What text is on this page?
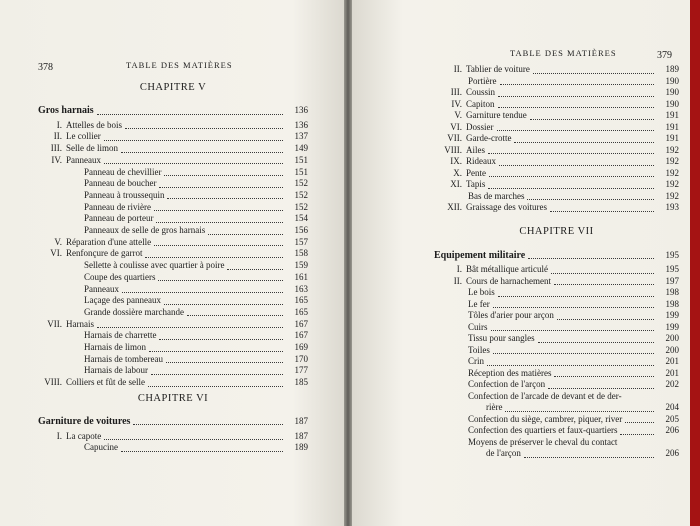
378	TABLE DES MATIÈRES
CHAPITRE V
Gros harnais	136
I. Attelles de bois	136
II. Le collier	137
III. Selle de limon	149
IV. Panneaux	151
Panneau de chevillier	151
Panneau de boucher	152
Panneau à troussequin	152
Panneau de rivière	152
Panneau de porteur	154
Panneaux de selle de gros harnais	156
V. Réparation d'une attelle	157
VI. Renfonçure de garrot	158
Sellette à coulisse avec quartier à poire	159
Coupe des quartiers	161
Panneaux	163
Laçage des panneaux	165
Grande dossière marchande	165
VII. Harnais	167
Harnais de charrette	167
Harnais de limon	169
Harnais de tombereau	170
Harnais de labour	177
VIII. Colliers et fût de selle	185
CHAPITRE VI
Garniture de voitures	187
I. La capote	187
Capucine	189
TABLE DES MATIÈRES	379
II. Tablier de voiture	189
Portière	190
III. Coussin	190
IV. Capiton	190
V. Garniture tendue	191
VI. Dossier	191
VII. Garde-crotte	191
VIII. Ailes	192
IX. Rideaux	192
X. Pente	192
XI. Tapis	192
Bas de marches	192
XII. Graissage des voitures	193
CHAPITRE VII
Equipement militaire	195
I. Bât métallique articulé	195
II. Cours de harnachement	197
Le bois	198
Le fer	198
Tôles d'arier pour arçon	199
Cuirs	199
Tissu pour sangles	200
Toiles	200
Crin	201
Réception des matières	201
Confection de l'arçon	202
Confection de l'arcade de devant et de der-
rière	204
Confection du siège, cambrer, piquer, river	205
Confection des quartiers et faux-quartiers	206
Moyens de préserver le cheval du contact
de l'arçon	206
